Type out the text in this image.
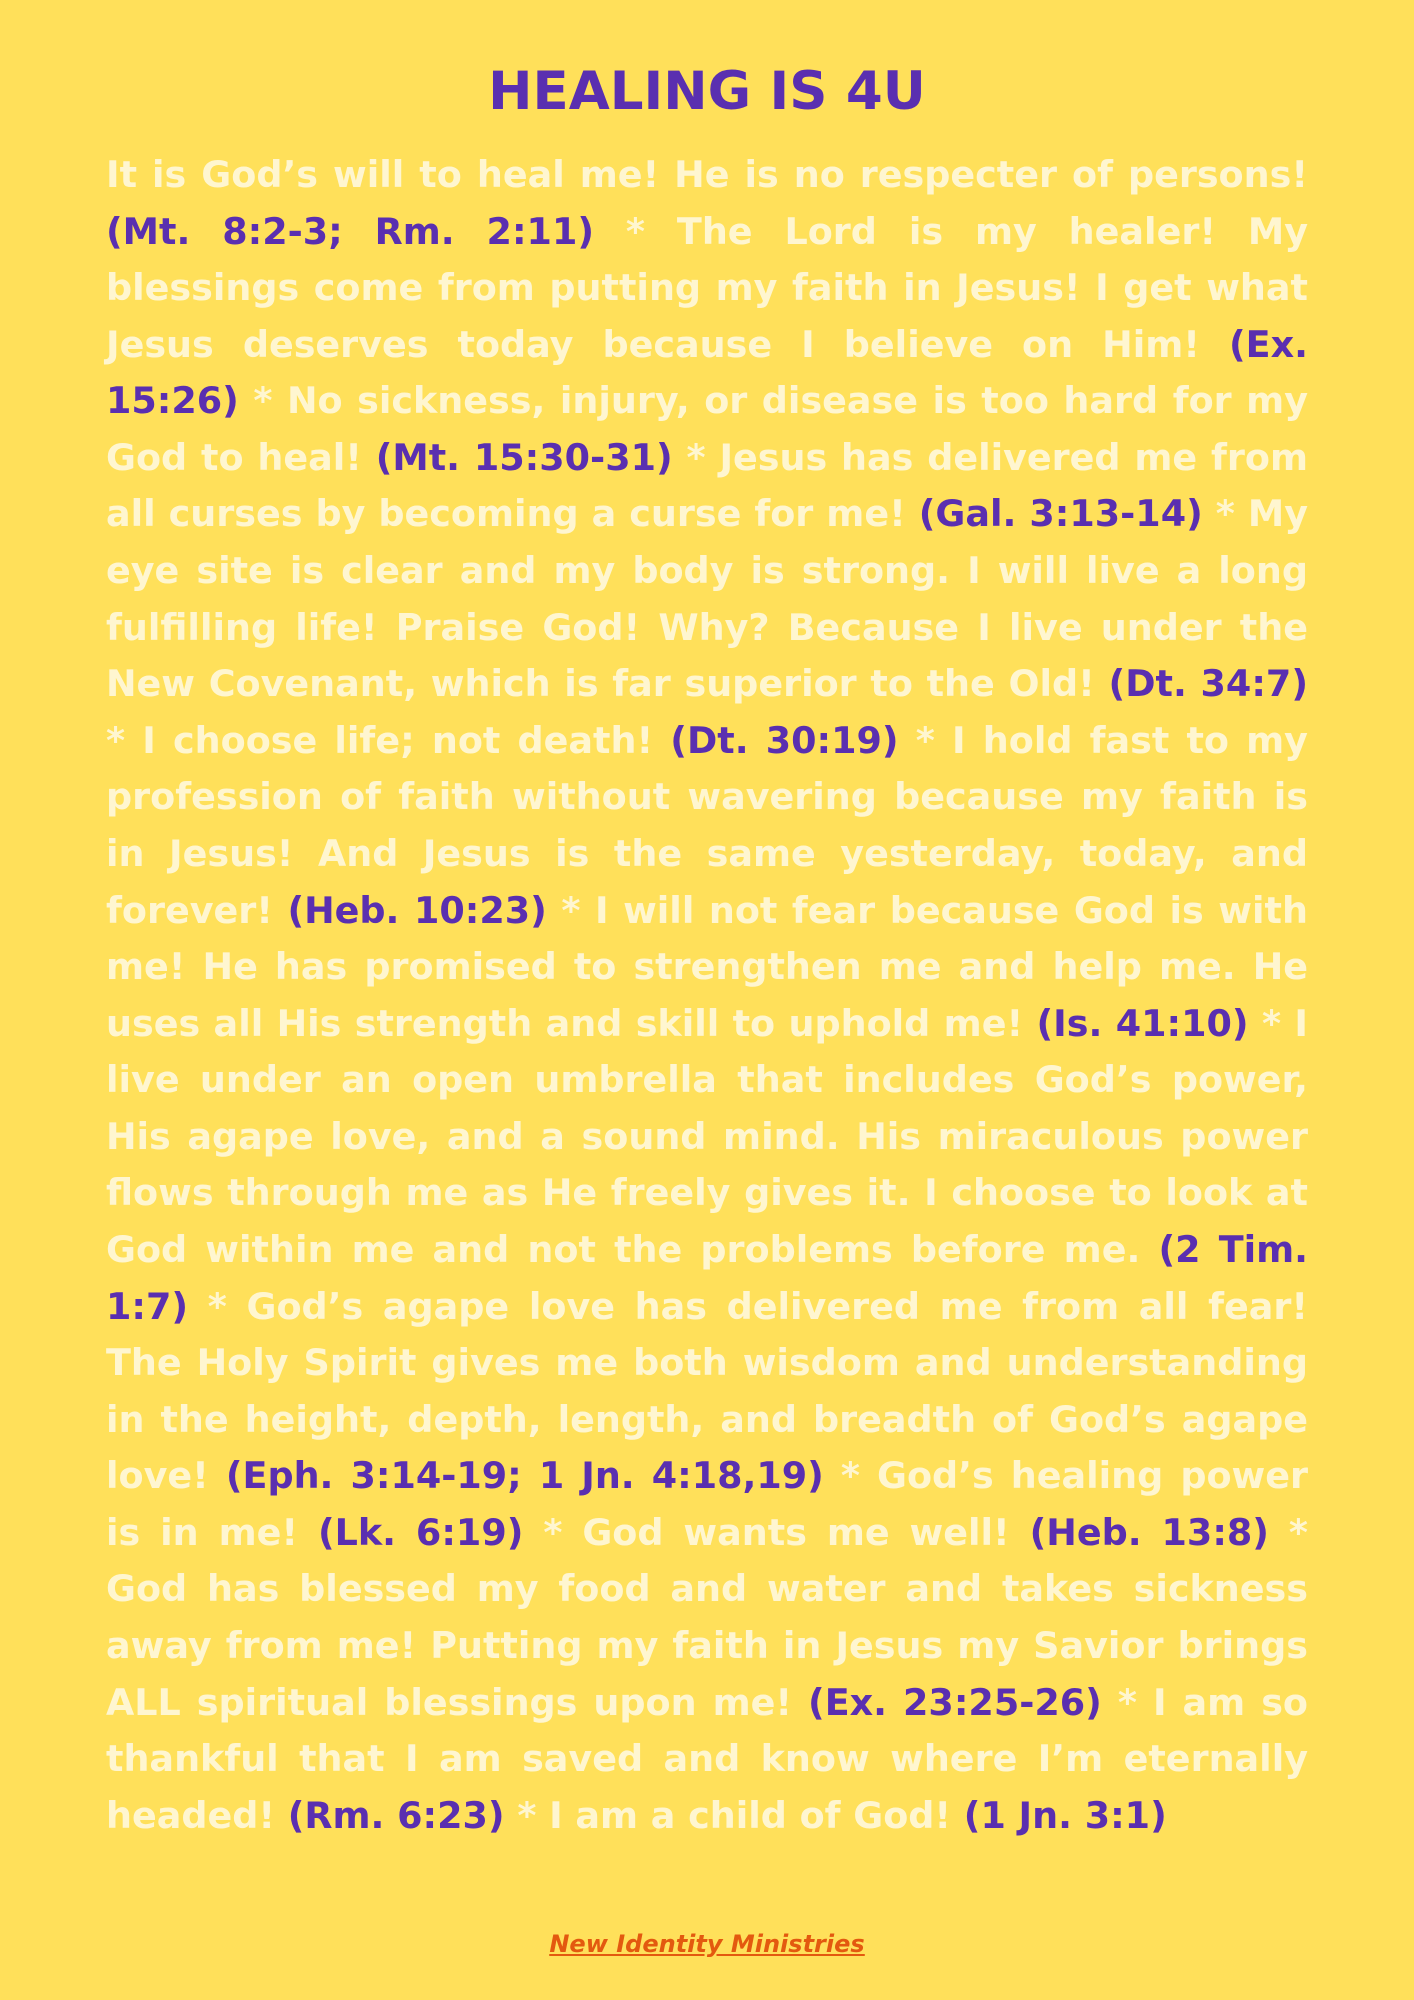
HEALING IS 4U

It is God’s will to heal me! He is no respecter of persons! (Mt. 8:2-3; Rm. 2:11) * The Lord is my healer! My blessings come from putting my faith in Jesus! I get what Jesus deserves today because I believe on Him! (Ex. 15:26) * No sickness, injury, or disease is too hard for my God to heal! (Mt. 15:30-31) * Jesus has delivered me from all curses by becoming a curse for me! (Gal. 3:13-14) * My eye site is clear and my body is strong. I will live a long fulfilling life! Praise God! Why? Because I live under the New Covenant, which is far superior to the Old! (Dt. 34:7) * I choose life; not death! (Dt. 30:19) * I hold fast to my profession of faith without wavering because my faith is in Jesus! And Jesus is the same yesterday, today, and forever! (Heb. 10:23) * I will not fear because God is with me! He has promised to strengthen me and help me. He uses all His strength and skill to uphold me! (Is. 41:10) * I live under an open umbrella that includes God’s power, His agape love, and a sound mind. His miraculous power flows through me as He freely gives it. I choose to look at God within me and not the problems before me. (2 Tim. 1:7) * God’s agape love has delivered me from all fear! The Holy Spirit gives me both wisdom and understanding in the height, depth, length, and breadth of God’s agape love! (Eph. 3:14-19; 1 Jn. 4:18,19) * God’s healing power is in me! (Lk. 6:19) * God wants me well! (Heb. 13:8) * God has blessed my food and water and takes sickness away from me! Putting my faith in Jesus my Savior brings ALL spiritual blessings upon me! (Ex. 23:25-26) * I am so thankful that I am saved and know where I’m eternally headed! (Rm. 6:23) * I am a child of God! (1 Jn. 3:1)

New Identity Ministries
